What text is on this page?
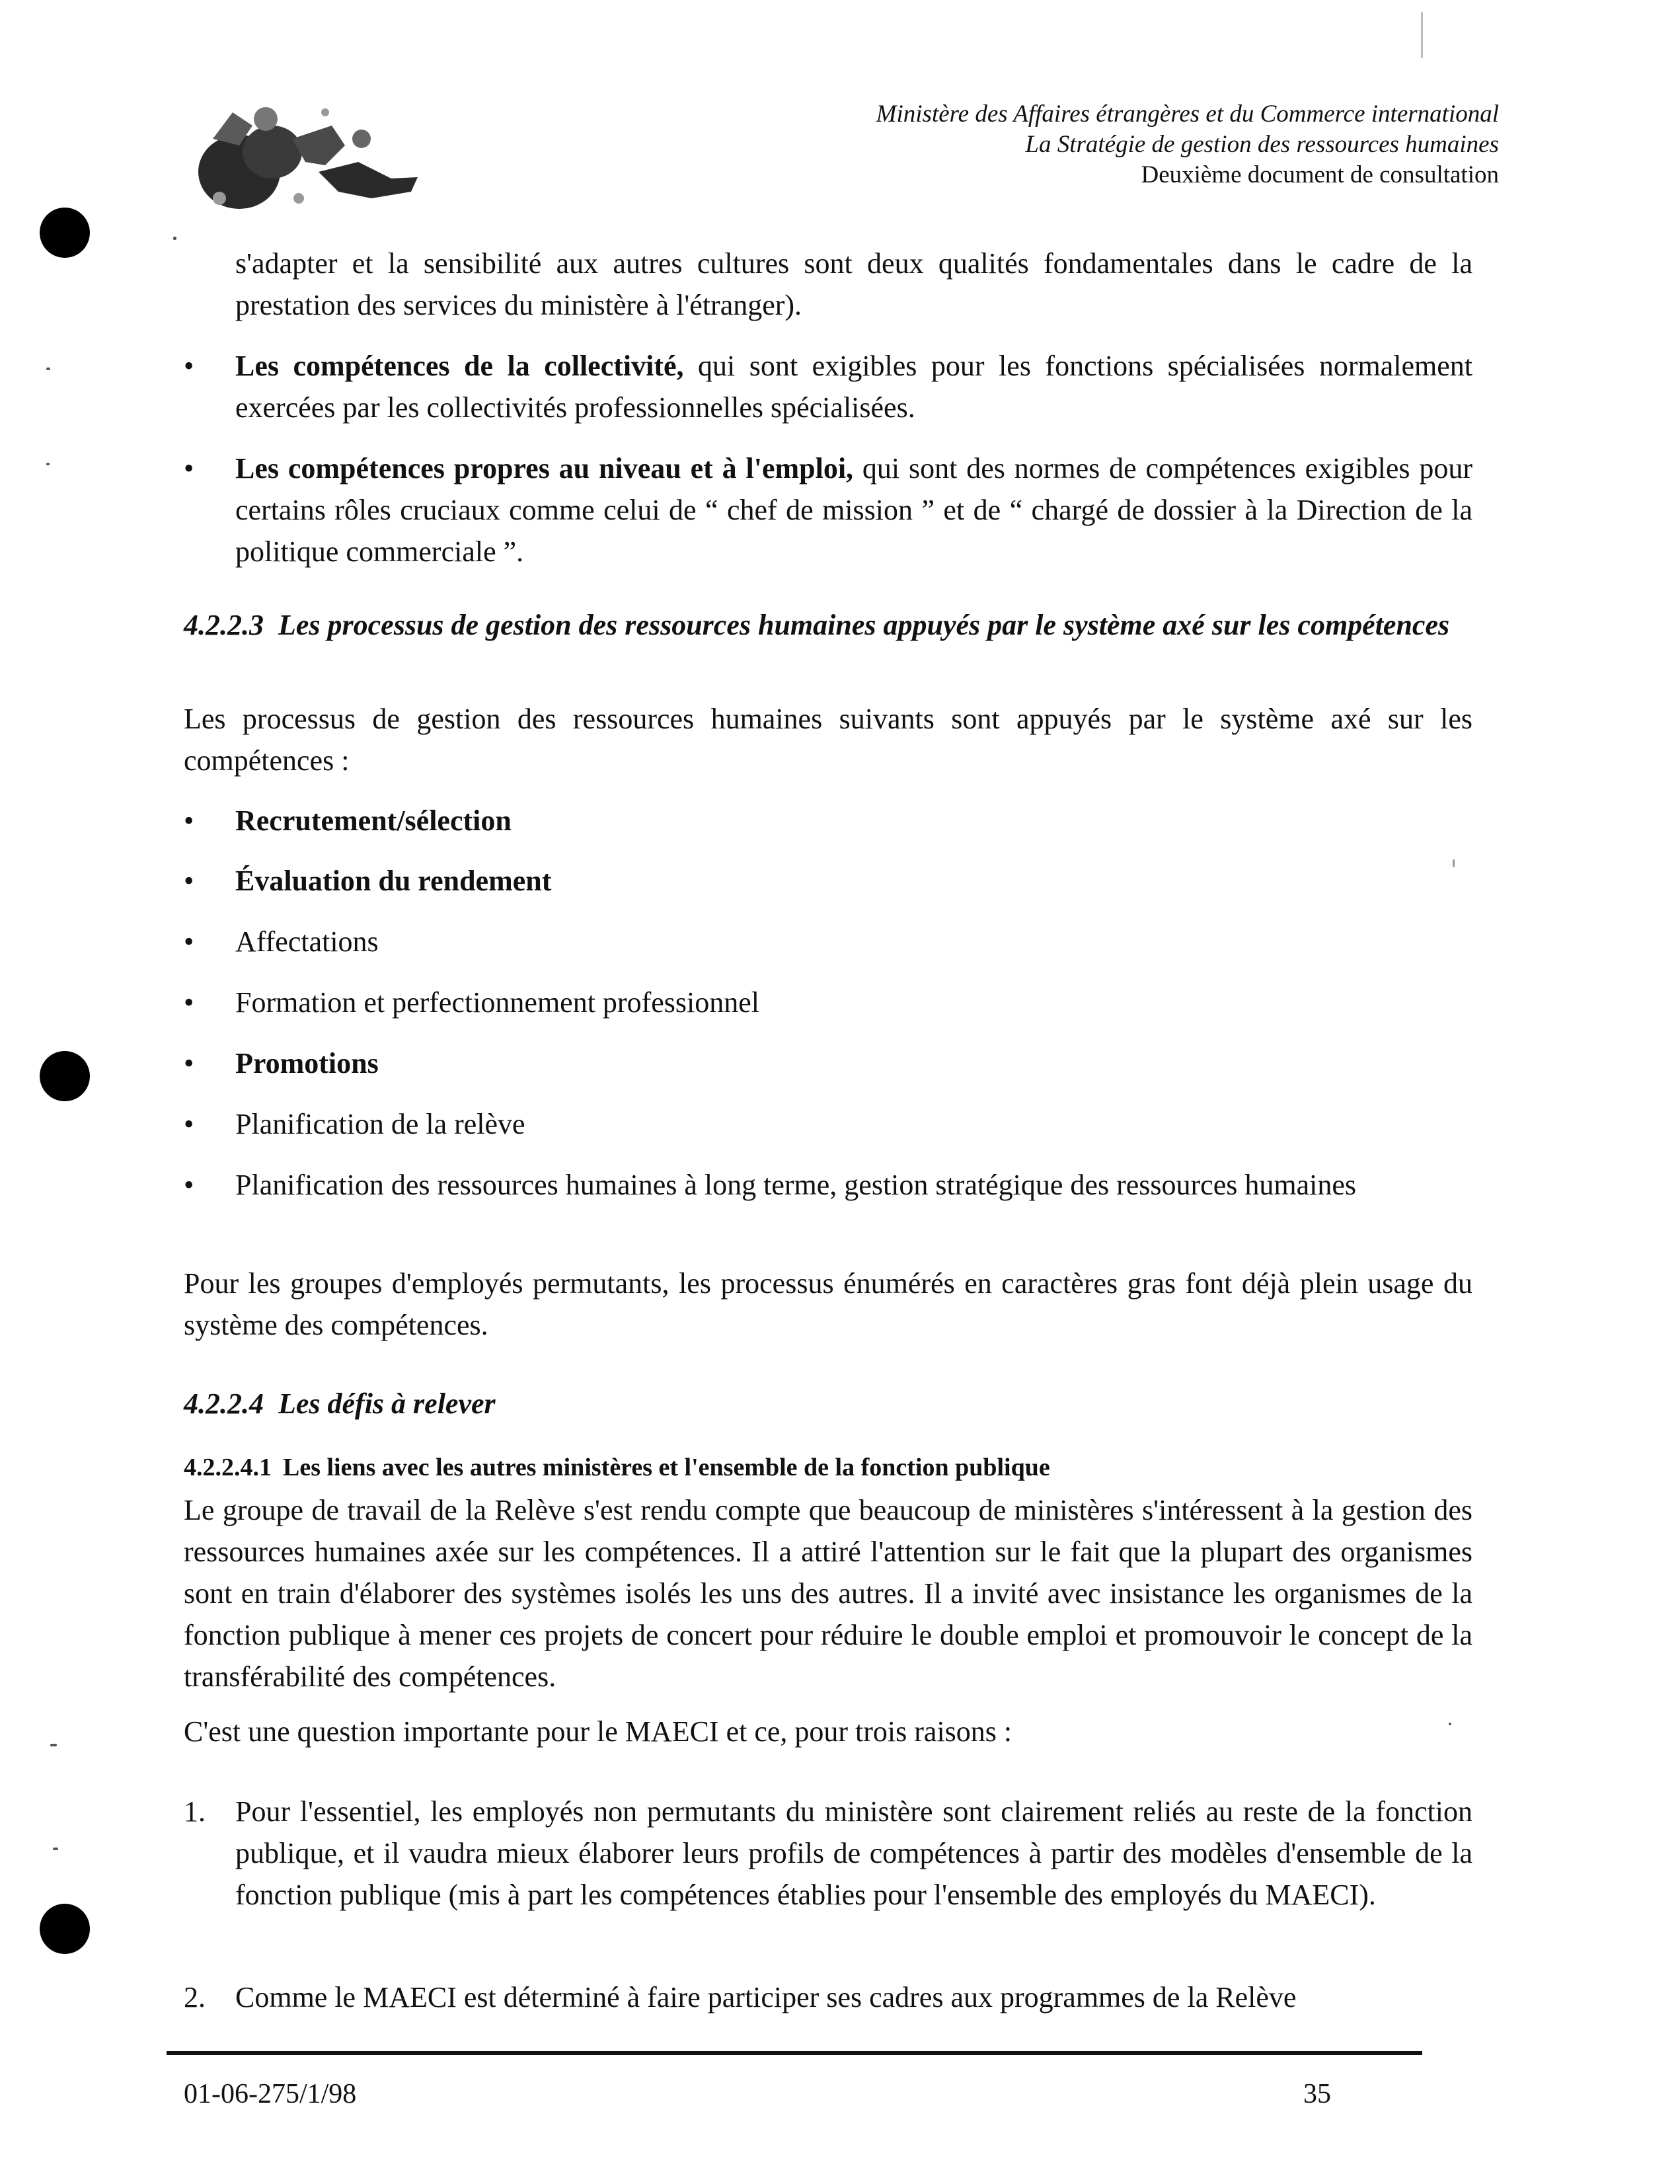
Ministère des Affaires étrangères et du Commerce international
La Stratégie de gestion des ressources humaines
Deuxième document de consultation

s'adapter et la sensibilité aux autres cultures sont deux qualités fondamentales dans le cadre de la prestation des services du ministère à l'étranger).

•	Les compétences de la collectivité, qui sont exigibles pour les fonctions spécialisées normalement exercées par les collectivités professionnelles spécialisées.
•	Les compétences propres au niveau et à l'emploi, qui sont des normes de compétences exigibles pour certains rôles cruciaux comme celui de “ chef de mission ” et de “ chargé de dossier à la Direction de la politique commerciale ”.
4.2.2.3 Les processus de gestion des ressources humaines appuyés par le système axé sur les compétences

Les processus de gestion des ressources humaines suivants sont appuyés par le système axé sur les compétences :

•	Recrutement/sélection
•	Évaluation du rendement
•	Affectations
•	Formation et perfectionnement professionnel
•	Promotions
•	Planification de la relève
•	Planification des ressources humaines à long terme, gestion stratégique des ressources humaines

Pour les groupes d'employés permutants, les processus énumérés en caractères gras font déjà plein usage du système des compétences.

4.2.2.4 Les défis à relever
4.2.2.4.1 Les liens avec les autres ministères et l'ensemble de la fonction publique

Le groupe de travail de la Relève s'est rendu compte que beaucoup de ministères s'intéressent à la gestion des ressources humaines axée sur les compétences. Il a attiré l'attention sur le fait que la plupart des organismes sont en train d'élaborer des systèmes isolés les uns des autres. Il a invité avec insistance les organismes de la fonction publique à mener ces projets de concert pour réduire le double emploi et promouvoir le concept de la transférabilité des compétences.

C'est une question importante pour le MAECI et ce, pour trois raisons :

1. Pour l'essentiel, les employés non permutants du ministère sont clairement reliés au reste de la fonction publique, et il vaudra mieux élaborer leurs profils de compétences à partir des modèles d'ensemble de la fonction publique (mis à part les compétences établies pour l'ensemble des employés du MAECI).
2. Comme le MAECI est déterminé à faire participer ses cadres aux programmes de la Relève
01-06-275/1/98	35
